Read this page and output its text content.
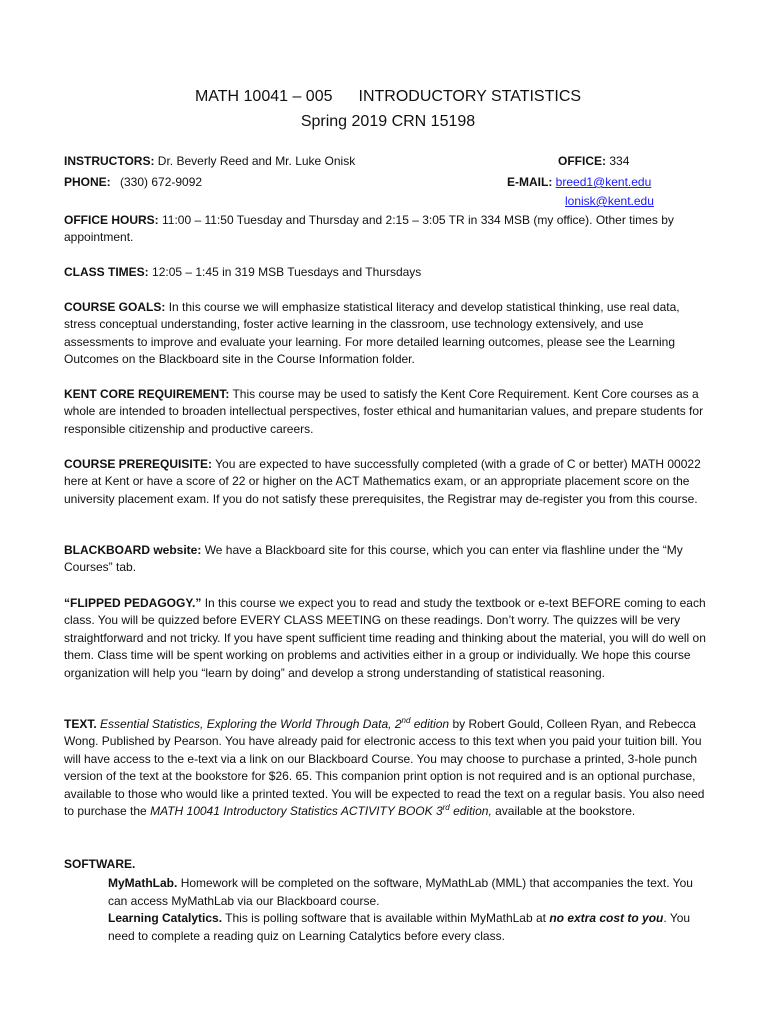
MATH 10041 – 005 INTRODUCTORY STATISTICS
Spring 2019 CRN 15198
INSTRUCTORS: Dr. Beverly Reed and Mr. Luke Onisk	OFFICE: 334
PHONE: (330) 672-9092	E-MAIL: breed1@kent.edu
lonisk@kent.edu

OFFICE HOURS: 11:00 – 11:50 Tuesday and Thursday and 2:15 – 3:05 TR in 334 MSB (my office). Other times by appointment.

CLASS TIMES: 12:05 – 1:45 in 319 MSB Tuesdays and Thursdays

COURSE GOALS: In this course we will emphasize statistical literacy and develop statistical thinking, use real data, stress conceptual understanding, foster active learning in the classroom, use technology extensively, and use assessments to improve and evaluate your learning. For more detailed learning outcomes, please see the Learning Outcomes on the Blackboard site in the Course Information folder.

KENT CORE REQUIREMENT: This course may be used to satisfy the Kent Core Requirement. Kent Core courses as a whole are intended to broaden intellectual perspectives, foster ethical and humanitarian values, and prepare students for responsible citizenship and productive careers.

COURSE PREREQUISITE: You are expected to have successfully completed (with a grade of C or better) MATH 00022 here at Kent or have a score of 22 or higher on the ACT Mathematics exam, or an appropriate placement score on the university placement exam. If you do not satisfy these prerequisites, the Registrar may de-register you from this course.

BLACKBOARD website: We have a Blackboard site for this course, which you can enter via flashline under the “My Courses” tab.

“FLIPPED PEDAGOGY.” In this course we expect you to read and study the textbook or e-text BEFORE coming to each class. You will be quizzed before EVERY CLASS MEETING on these readings. Don’t worry. The quizzes will be very straightforward and not tricky. If you have spent sufficient time reading and thinking about the material, you will do well on them. Class time will be spent working on problems and activities either in a group or individually. We hope this course organization will help you “learn by doing” and develop a strong understanding of statistical reasoning.

TEXT. Essential Statistics, Exploring the World Through Data, 2nd edition by Robert Gould, Colleen Ryan, and Rebecca Wong. Published by Pearson. You have already paid for electronic access to this text when you paid your tuition bill. You will have access to the e-text via a link on our Blackboard Course. You may choose to purchase a printed, 3-hole punch version of the text at the bookstore for $26. 65. This companion print option is not required and is an optional purchase, available to those who would like a printed texted. You will be expected to read the text on a regular basis. You also need to purchase the MATH 10041 Introductory Statistics ACTIVITY BOOK 3rd edition, available at the bookstore.

SOFTWARE.

MyMathLab. Homework will be completed on the software, MyMathLab (MML) that accompanies the text. You can access MyMathLab via our Blackboard course.

Learning Catalytics. This is polling software that is available within MyMathLab at no extra cost to you. You need to complete a reading quiz on Learning Catalytics before every class.
